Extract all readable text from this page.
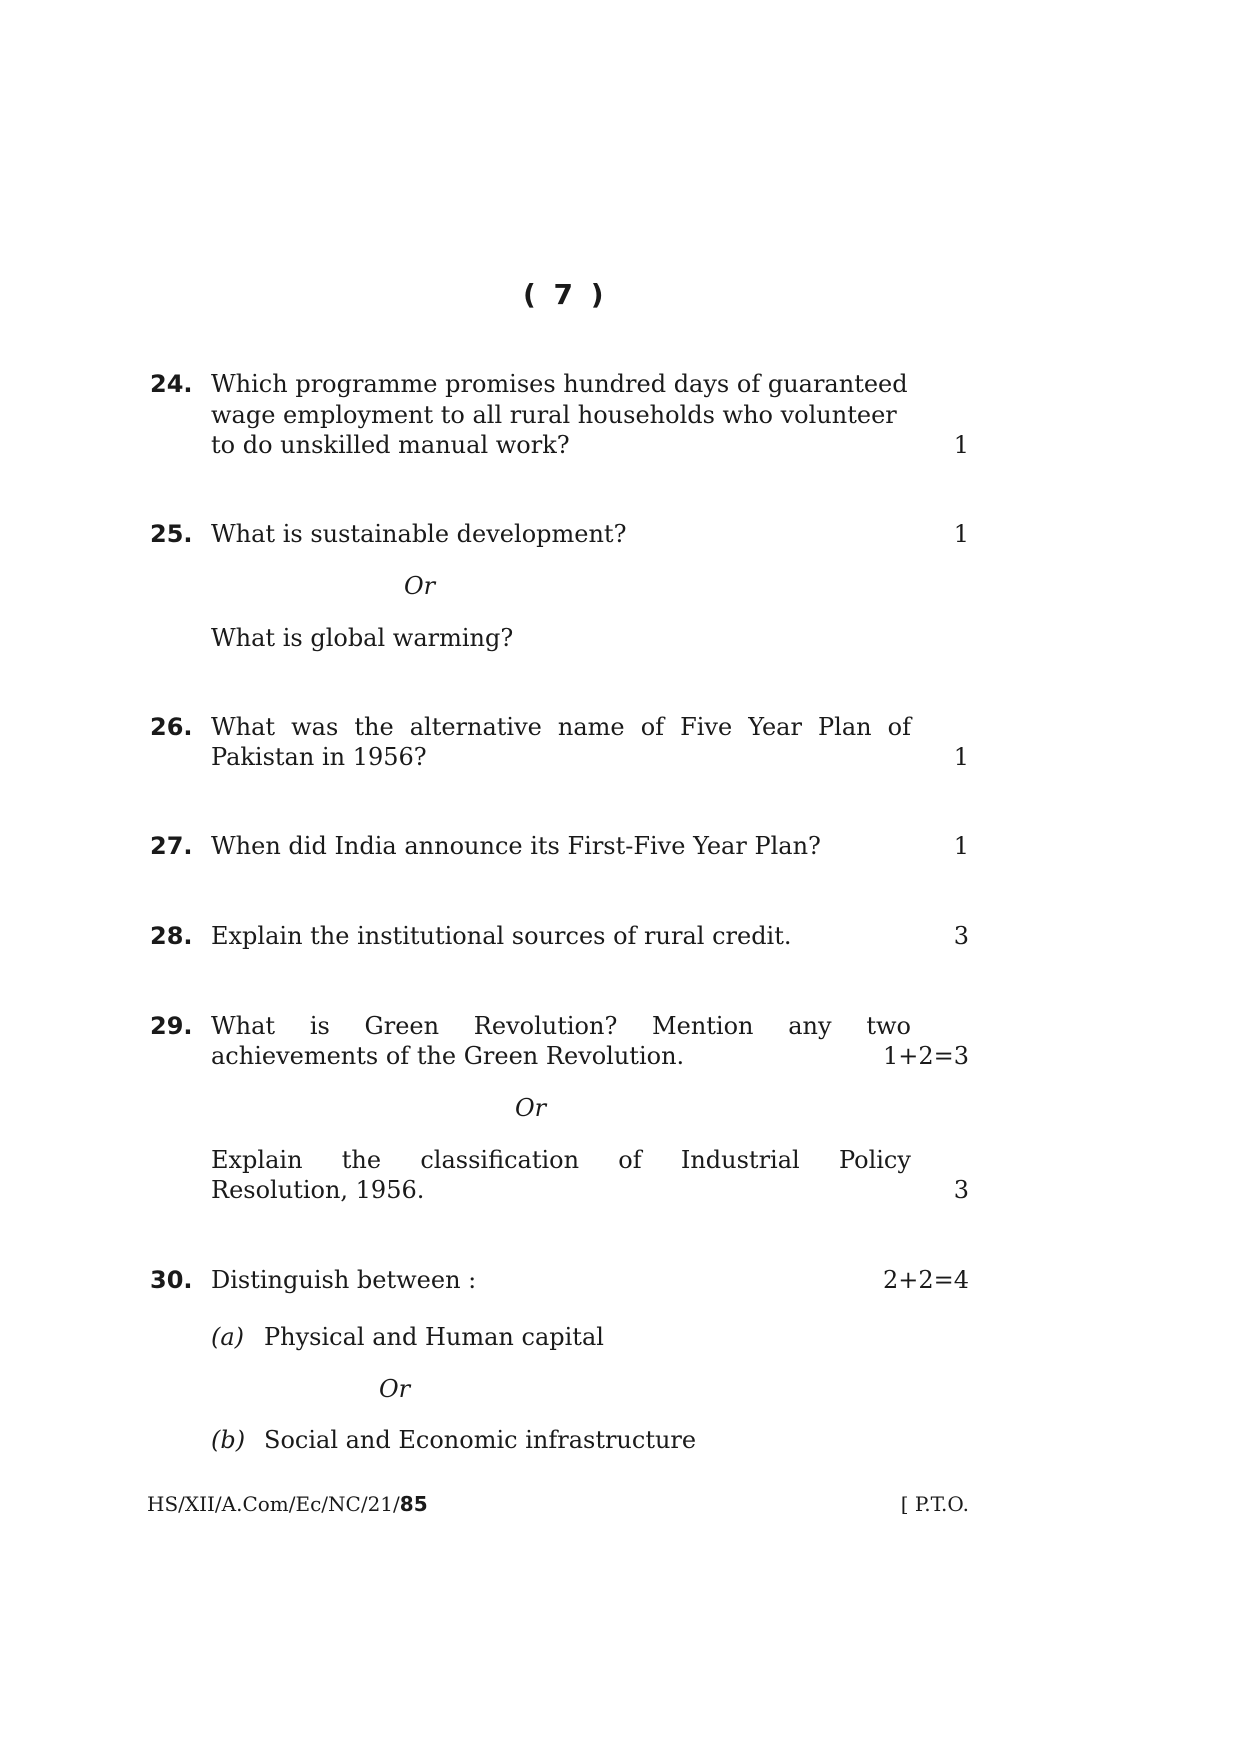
( 7 )
24. Which programme promises hundred days of guaranteed
wage employment to all rural households who volunteer
to do unskilled manual work?	1
25. What is sustainable development?	1
Or
What is global warming?
26. What was the alternative name of Five Year Plan of
Pakistan in 1956?	1
27. When did India announce its First-Five Year Plan?	1
28. Explain the institutional sources of rural credit.	3
29. What is Green Revolution? Mention any two
achievements of the Green Revolution.	1+2=3
Or
Explain the classification of Industrial Policy
Resolution, 1956.	3
30. Distinguish between :	2+2=4
(a) Physical and Human capital
Or
(b) Social and Economic infrastructure
HS/XII/A.Com/Ec/NC/21/85	[ P.T.O.
